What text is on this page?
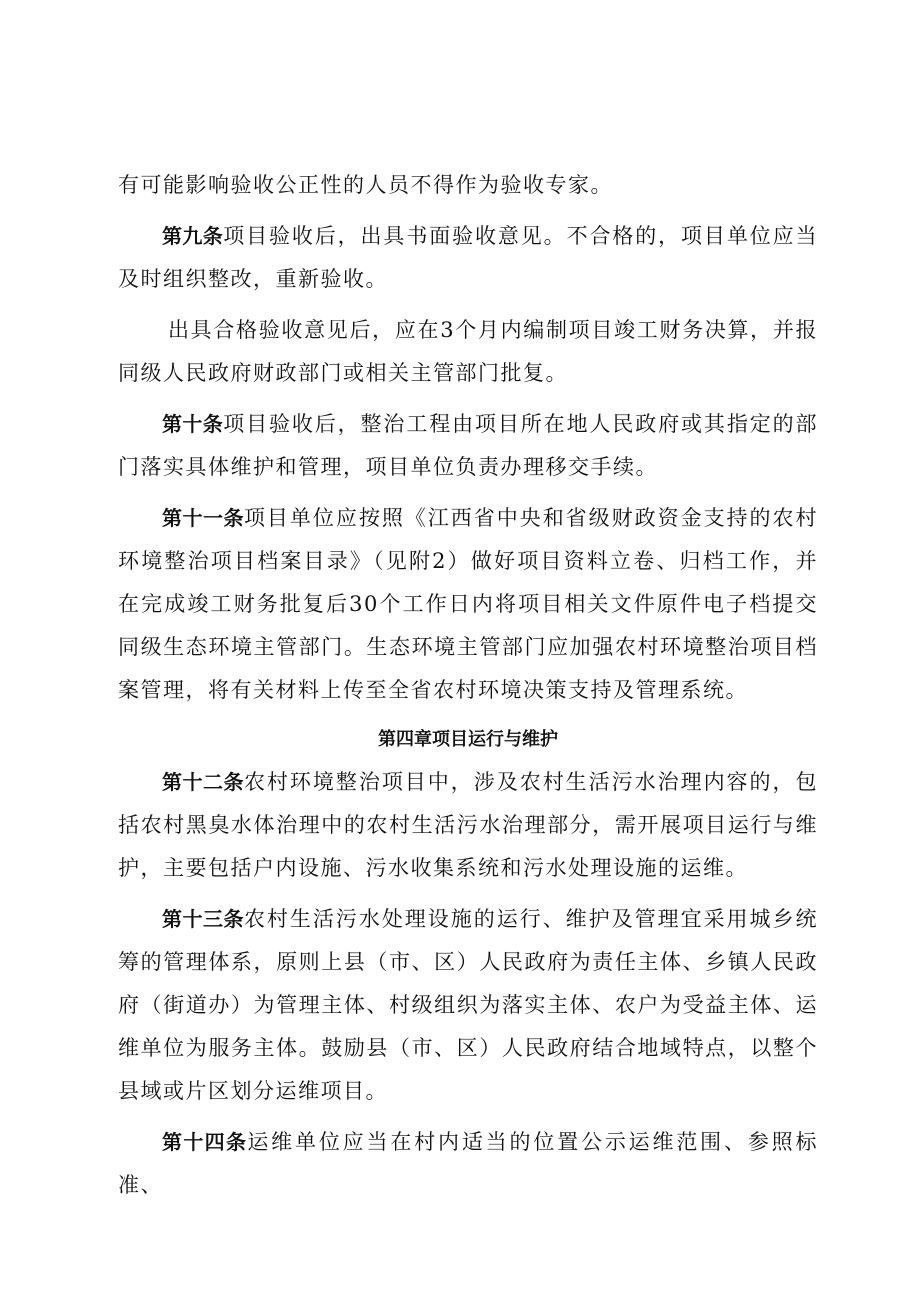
有可能影响验收公正性的人员不得作为验收专家。

第九条项目验收后，出具书面验收意见。不合格的，项目单位应当及时组织整改，重新验收。

出具合格验收意见后，应在3个月内编制项目竣工财务决算，并报同级人民政府财政部门或相关主管部门批复。

第十条项目验收后，整治工程由项目所在地人民政府或其指定的部门落实具体维护和管理，项目单位负责办理移交手续。

第十一条项目单位应按照《江西省中央和省级财政资金支持的农村环境整治项目档案目录》（见附2）做好项目资料立卷、归档工作，并在完成竣工财务批复后30个工作日内将项目相关文件原件电子档提交同级生态环境主管部门。生态环境主管部门应加强农村环境整治项目档案管理，将有关材料上传至全省农村环境决策支持及管理系统。

第四章项目运行与维护

第十二条农村环境整治项目中，涉及农村生活污水治理内容的，包括农村黑臭水体治理中的农村生活污水治理部分，需开展项目运行与维护，主要包括户内设施、污水收集系统和污水处理设施的运维。

第十三条农村生活污水处理设施的运行、维护及管理宜采用城乡统筹的管理体系，原则上县（市、区）人民政府为责任主体、乡镇人民政府（街道办）为管理主体、村级组织为落实主体、农户为受益主体、运维单位为服务主体。鼓励县（市、区）人民政府结合地域特点，以整个县域或片区划分运维项目。

第十四条运维单位应当在村内适当的位置公示运维范围、参照标准、
